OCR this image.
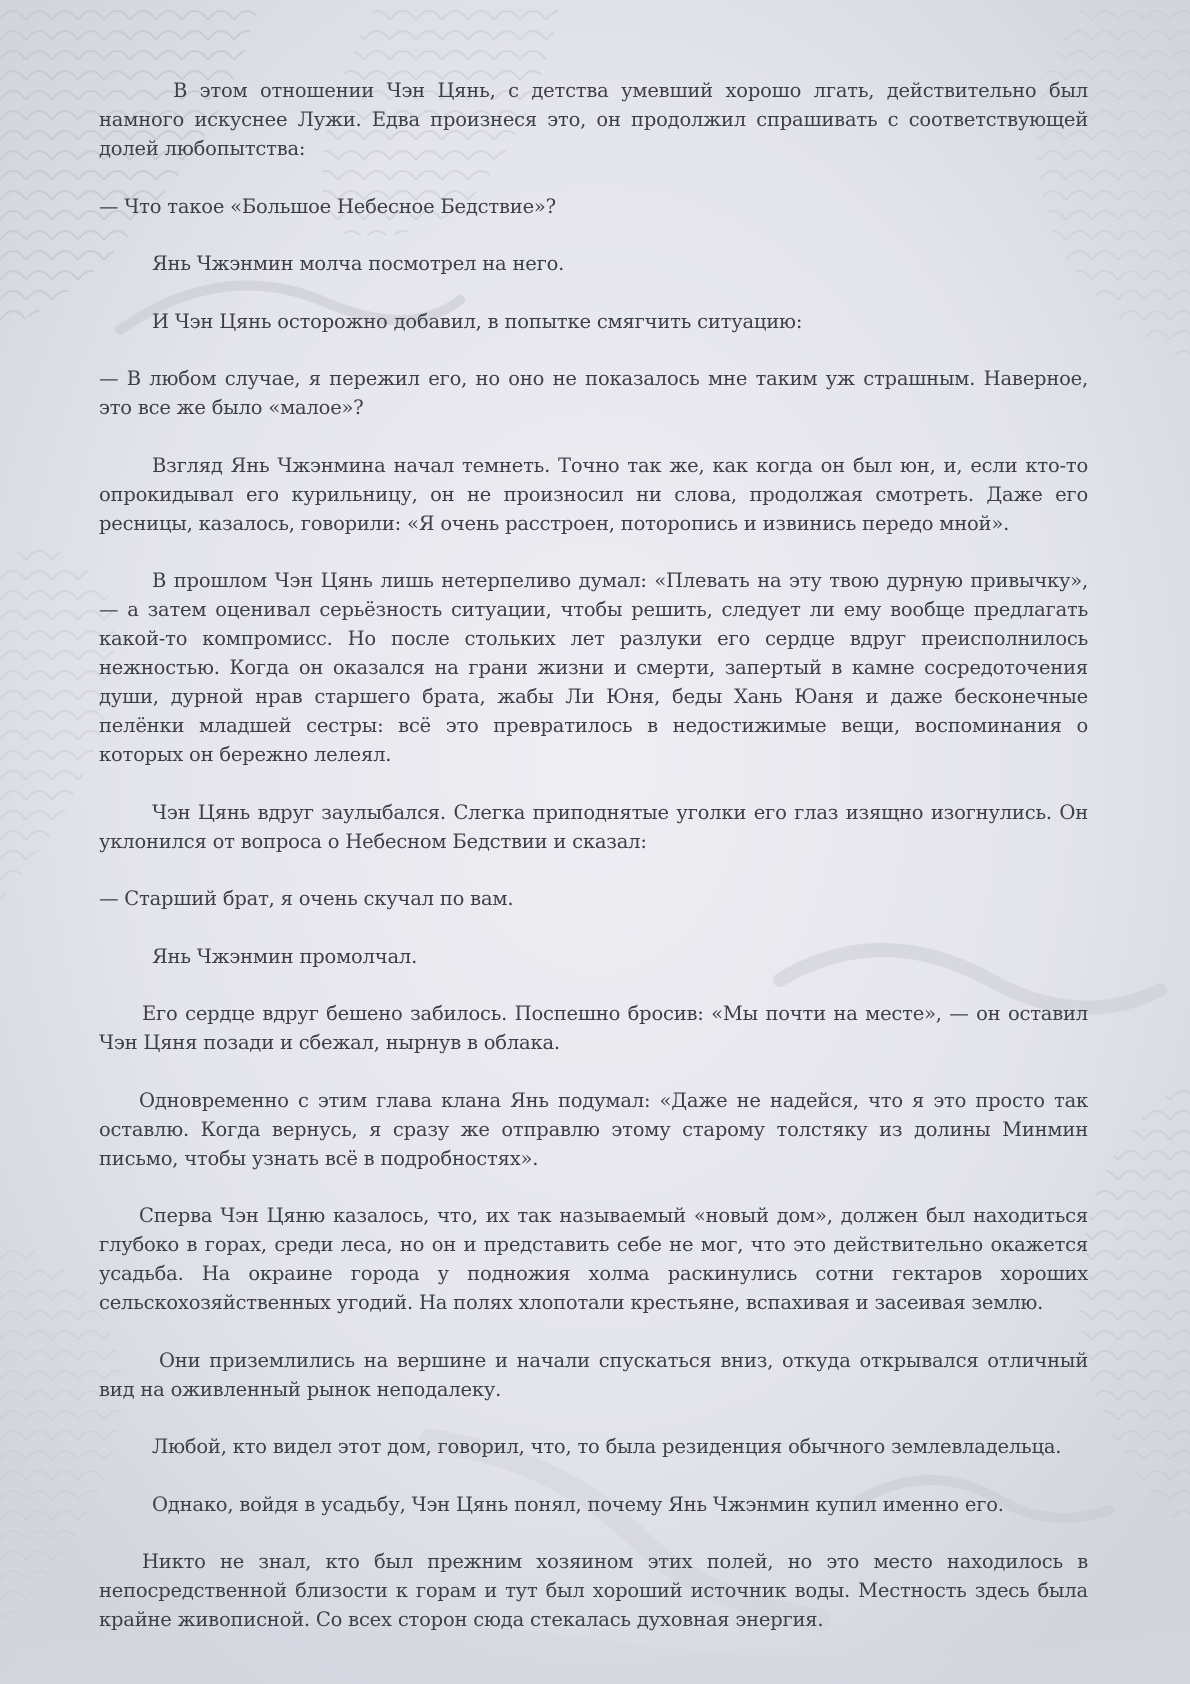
В этом отношении Чэн Цянь, с детства умевший хорошо лгать, действительно был намного искуснее Лужи. Едва произнеся это, он продолжил спрашивать с соответствующей долей любопытства:

— Что такое «Большое Небесное Бедствие»?

Янь Чжэнмин молча посмотрел на него.

И Чэн Цянь осторожно добавил, в попытке смягчить ситуацию:

— В любом случае, я пережил его, но оно не показалось мне таким уж страшным. Наверное, это все же было «малое»?

Взгляд Янь Чжэнмина начал темнеть. Точно так же, как когда он был юн, и, если кто-то опрокидывал его курильницу, он не произносил ни слова, продолжая смотреть. Даже его ресницы, казалось, говорили: «Я очень расстроен, поторопись и извинись передо мной».

В прошлом Чэн Цянь лишь нетерпеливо думал: «Плевать на эту твою дурную привычку», — а затем оценивал серьёзность ситуации, чтобы решить, следует ли ему вообще предлагать какой-то компромисс. Но после стольких лет разлуки его сердце вдруг преисполнилось нежностью. Когда он оказался на грани жизни и смерти, запертый в камне сосредоточения души, дурной нрав старшего брата, жабы Ли Юня, беды Хань Юаня и даже бесконечные пелёнки младшей сестры: всё это превратилось в недостижимые вещи, воспоминания о которых он бережно лелеял.

Чэн Цянь вдруг заулыбался. Слегка приподнятые уголки его глаз изящно изогнулись. Он уклонился от вопроса о Небесном Бедствии и сказал:

— Старший брат, я очень скучал по вам.

Янь Чжэнмин промолчал.

Его сердце вдруг бешено забилось. Поспешно бросив: «Мы почти на месте», — он оставил Чэн Цяня позади и сбежал, нырнув в облака.

Одновременно с этим глава клана Янь подумал: «Даже не надейся, что я это просто так оставлю. Когда вернусь, я сразу же отправлю этому старому толстяку из долины Минмин письмо, чтобы узнать всё в подробностях».

Сперва Чэн Цяню казалось, что, их так называемый «новый дом», должен был находиться глубоко в горах, среди леса, но он и представить себе не мог, что это действительно окажется усадьба. На окраине города у подножия холма раскинулись сотни гектаров хороших сельскохозяйственных угодий. На полях хлопотали крестьяне, вспахивая и засеивая землю.

Они приземлились на вершине и начали спускаться вниз, откуда открывался отличный вид на оживленный рынок неподалеку.

Любой, кто видел этот дом, говорил, что, то была резиденция обычного землевладельца.

Однако, войдя в усадьбу, Чэн Цянь понял, почему Янь Чжэнмин купил именно его.

Никто не знал, кто был прежним хозяином этих полей, но это место находилось в непосредственной близости к горам и тут был хороший источник воды. Местность здесь была крайне живописной. Со всех сторон сюда стекалась духовная энергия.
